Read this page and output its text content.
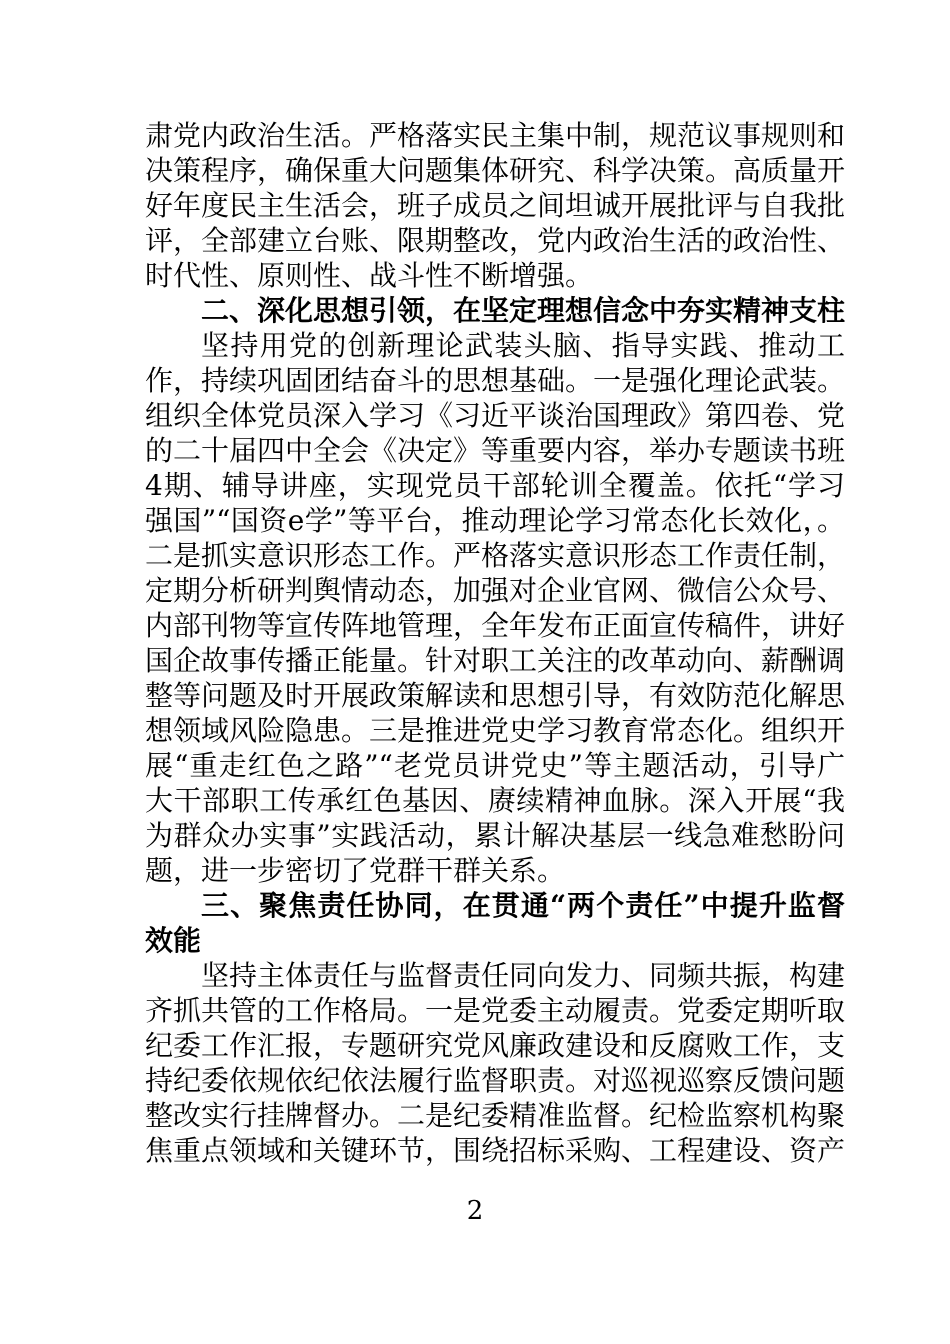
肃党内政治生活。严格落实民主集中制，规范议事规则和决策程序，确保重大问题集体研究、科学决策。高质量开好年度民主生活会，班子成员之间坦诚开展批评与自我批评，全部建立台账、限期整改，党内政治生活的政治性、时代性、原则性、战斗性不断增强。

二、深化思想引领，在坚定理想信念中夯实精神支柱

坚持用党的创新理论武装头脑、指导实践、推动工作，持续巩固团结奋斗的思想基础。一是强化理论武装。组织全体党员深入学习《习近平谈治国理政》第四卷、党的二十届四中全会《决定》等重要内容，举办专题读书班4期、辅导讲座，实现党员干部轮训全覆盖。依托“学习强国”“国资e学”等平台，推动理论学习常态化长效化，。二是抓实意识形态工作。严格落实意识形态工作责任制，定期分析研判舆情动态，加强对企业官网、微信公众号、内部刊物等宣传阵地管理，全年发布正面宣传稿件，讲好国企故事传播正能量。针对职工关注的改革动向、薪酬调整等问题及时开展政策解读和思想引导，有效防范化解思想领域风险隐患。三是推进党史学习教育常态化。组织开展“重走红色之路”“老党员讲党史”等主题活动，引导广大干部职工传承红色基因、赓续精神血脉。深入开展“我为群众办实事”实践活动，累计解决基层一线急难愁盼问题，进一步密切了党群干群关系。

三、聚焦责任协同，在贯通“两个责任”中提升监督效能

坚持主体责任与监督责任同向发力、同频共振，构建齐抓共管的工作格局。一是党委主动履责。党委定期听取纪委工作汇报，专题研究党风廉政建设和反腐败工作，支持纪委依规依纪依法履行监督职责。对巡视巡察反馈问题整改实行挂牌督办。二是纪委精准监督。纪检监察机构聚焦重点领域和关键环节，围绕招标采购、工程建设、资产

2
